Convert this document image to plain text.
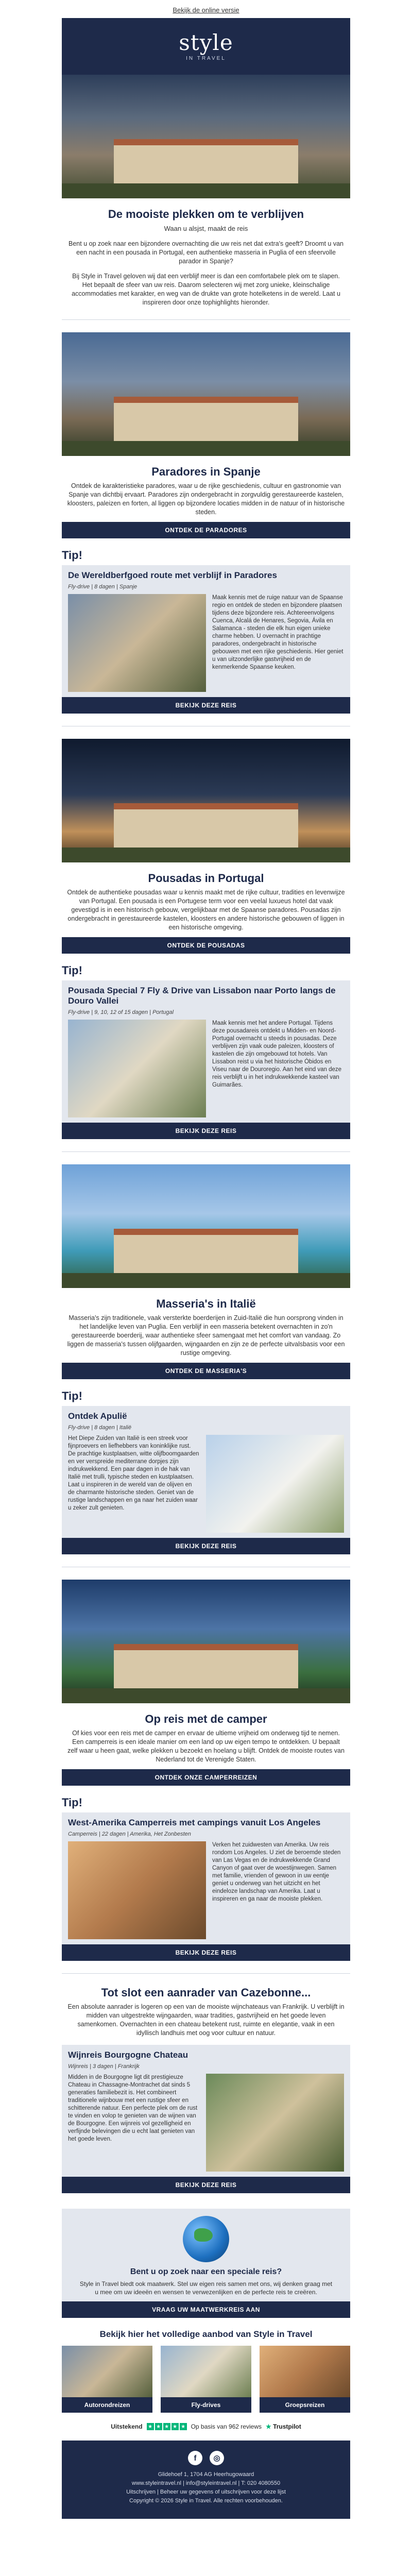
Bekijk de online versie
style
IN TRAVEL
De mooiste plekken om te verblijven
Waan u alsjst, maakt de reis

Bent u op zoek naar een bijzondere overnachting die uw reis net dat extra's geeft? Droomt u van een nacht in een pousada in Portugal, een authentieke masseria in Puglia of een sfeervolle parador in Spanje?

Bij Style in Travel geloven wij dat een verblijf meer is dan een comfortabele plek om te slapen. Het bepaalt de sfeer van uw reis. Daarom selecteren wij met zorg unieke, kleinschalige accommodaties met karakter, en weg van de drukte van grote hotelketens in de wereld. Laat u inspireren door onze tophighlights hieronder.

Paradores in Spanje
Ontdek de karakteristieke paradores, waar u de rijke geschiedenis, cultuur en gastronomie van Spanje van dichtbij ervaart. Paradores zijn ondergebracht in zorgvuldig gerestaureerde kastelen, kloosters, paleizen en forten, al liggen op bijzondere locaties midden in de natuur of in historische steden.
ONTDEK DE PARADORES
Tip!
De Wereldberfgoed route met verblijf in Paradores
Fly-drive | 8 dagen | Spanje
Maak kennis met de ruige natuur van de Spaanse regio en ontdek de steden en bijzondere plaatsen tijdens deze bijzondere reis. Achtereenvolgens Cuenca, Alcalá de Henares, Segovia, Ávila en Salamanca - steden die elk hun eigen unieke charme hebben. U overnacht in prachtige paradores, ondergebracht in historische gebouwen met een rijke geschiedenis. Hier geniet u van uitzonderlijke gastvrijheid en de kenmerkende Spaanse keuken.
BEKIJK DEZE REIS
Pousadas in Portugal
Ontdek de authentieke pousadas waar u kennis maakt met de rijke cultuur, tradities en levenwijze van Portugal. Een pousada is een Portugese term voor een veelal luxueus hotel dat vaak gevestigd is in een historisch gebouw, vergelijkbaar met de Spaanse paradores. Pousadas zijn ondergebracht in gerestaureerde kastelen, kloosters en andere historische gebouwen of liggen in een historische omgeving.
ONTDEK DE POUSADAS
Tip!
Pousada Special 7 Fly & Drive van Lissabon naar Porto langs de Douro Vallei
Fly-drive | 9, 10, 12 of 15 dagen | Portugal
Maak kennis met het andere Portugal. Tijdens deze pousadareis ontdekt u Midden- en Noord-Portugal overnacht u steeds in pousadas. Deze verblijven zijn vaak oude paleizen, kloosters of kastelen die zijn omgebouwd tot hotels. Van Lissabon reist u via het historische Óbidos en Viseu naar de Douroregio. Aan het eind van deze reis verblijft u in het indrukwekkende kasteel van Guimarães.
BEKIJK DEZE REIS
Masseria's in Italië
Masseria's zijn traditionele, vaak versterkte boerderijen in Zuid-Italië die hun oorsprong vinden in het landelijke leven van Puglia. Een verblijf in een masseria betekent overnachten in zo'n gerestaureerde boerderij, waar authentieke sfeer samengaat met het comfort van vandaag. Zo liggen de masseria's tussen olijfgaarden, wijngaarden en zijn ze de perfecte uitvalsbasis voor een rustige omgeving.
ONTDEK DE MASSERIA'S
Tip!
Ontdek Apulië
Fly-drive | 8 dagen | Italië
Het Diepe Zuiden van Italië is een streek voor fijnproevers en liefhebbers van koninklijke rust. De prachtige kustplaatsen, witte olijfboomgaarden en ver verspreide mediterrane dorpjes zijn indrukwekkend. Een paar dagen in de hak van Italië met trulli, typische steden en kustplaatsen. Laat u inspireren in de wereld van de olijven en de charmante historische steden. Geniet van de rustige landschappen en ga naar het zuiden waar u zeker zult genieten.
BEKIJK DEZE REIS
Op reis met de camper
Of kies voor een reis met de camper en ervaar de ultieme vrijheid om onderweg tijd te nemen. Een camperreis is een ideale manier om een land op uw eigen tempo te ontdekken. U bepaalt zelf waar u heen gaat, welke plekken u bezoekt en hoelang u blijft. Ontdek de mooiste routes van Nederland tot de Verenigde Staten.
ONTDEK ONZE CAMPERREIZEN
Tip!
West-Amerika Camperreis met campings vanuit Los Angeles
Camperreis | 22 dagen | Amerika, Het Zonbesten
Verken het zuidwesten van Amerika. Uw reis rondom Los Angeles. U ziet de beroemde steden van Las Vegas en de indrukwekkende Grand Canyon of gaat over de woestijnwegen. Samen met familie, vrienden of gewoon in uw eentje geniet u onderweg van het uitzicht en het eindeloze landschap van Amerika. Laat u inspireren en ga naar de mooiste plekken.
BEKIJK DEZE REIS
Tot slot een aanrader van Cazebonne...
Een absolute aanrader is logeren op een van de mooiste wijnchateaus van Frankrijk. U verblijft in midden van uitgestrekte wijngaarden, waar tradities, gastvrijheid en het goede leven samenkomen. Overnachten in een chateau betekent rust, ruimte en elegantie, vaak in een idyllisch landhuis met oog voor cultuur en natuur.
Wijnreis Bourgogne Chateau
Wijnreis | 3 dagen | Frankrijk
Midden in de Bourgogne ligt dit prestigieuze Chateau in Chassagne-Montrachet dat sinds 5 generaties familiebezit is. Het combineert traditionele wijnbouw met een rustige sfeer en schitterende natuur. Een perfecte plek om de rust te vinden en volop te genieten van de wijnen van de Bourgogne. Een wijnreis vol gezelligheid en verfijnde belevingen die u echt laat genieten van het goede leven.
BEKIJK DEZE REIS
Bent u op zoek naar een speciale reis?
Style in Travel biedt ook maatwerk. Stel uw eigen reis samen met ons, wij denken graag met u mee om uw ideeën en wensen te verwezenlijken en de perfecte reis te creëren.
VRAAG UW MAATWERKREIS AAN
Bekijk hier het volledige aanbod van Style in Travel
Autorondreizen	Fly-drives	Groepsreizen
Uitstekend ★ ★ ★ ★ ★ Op basis van 962 reviews ★ Trustpilot
f	◎
Glidehoef 1, 1704 AG Heerhugowaard
www.styleintravel.nl | info@styleintravel.nl | T: 020 4080550
Uitschrijven | Beheer uw gegevens of uitschrijven voor deze lijst
Copyright © 2026 Style in Travel. Alle rechten voorbehouden.
